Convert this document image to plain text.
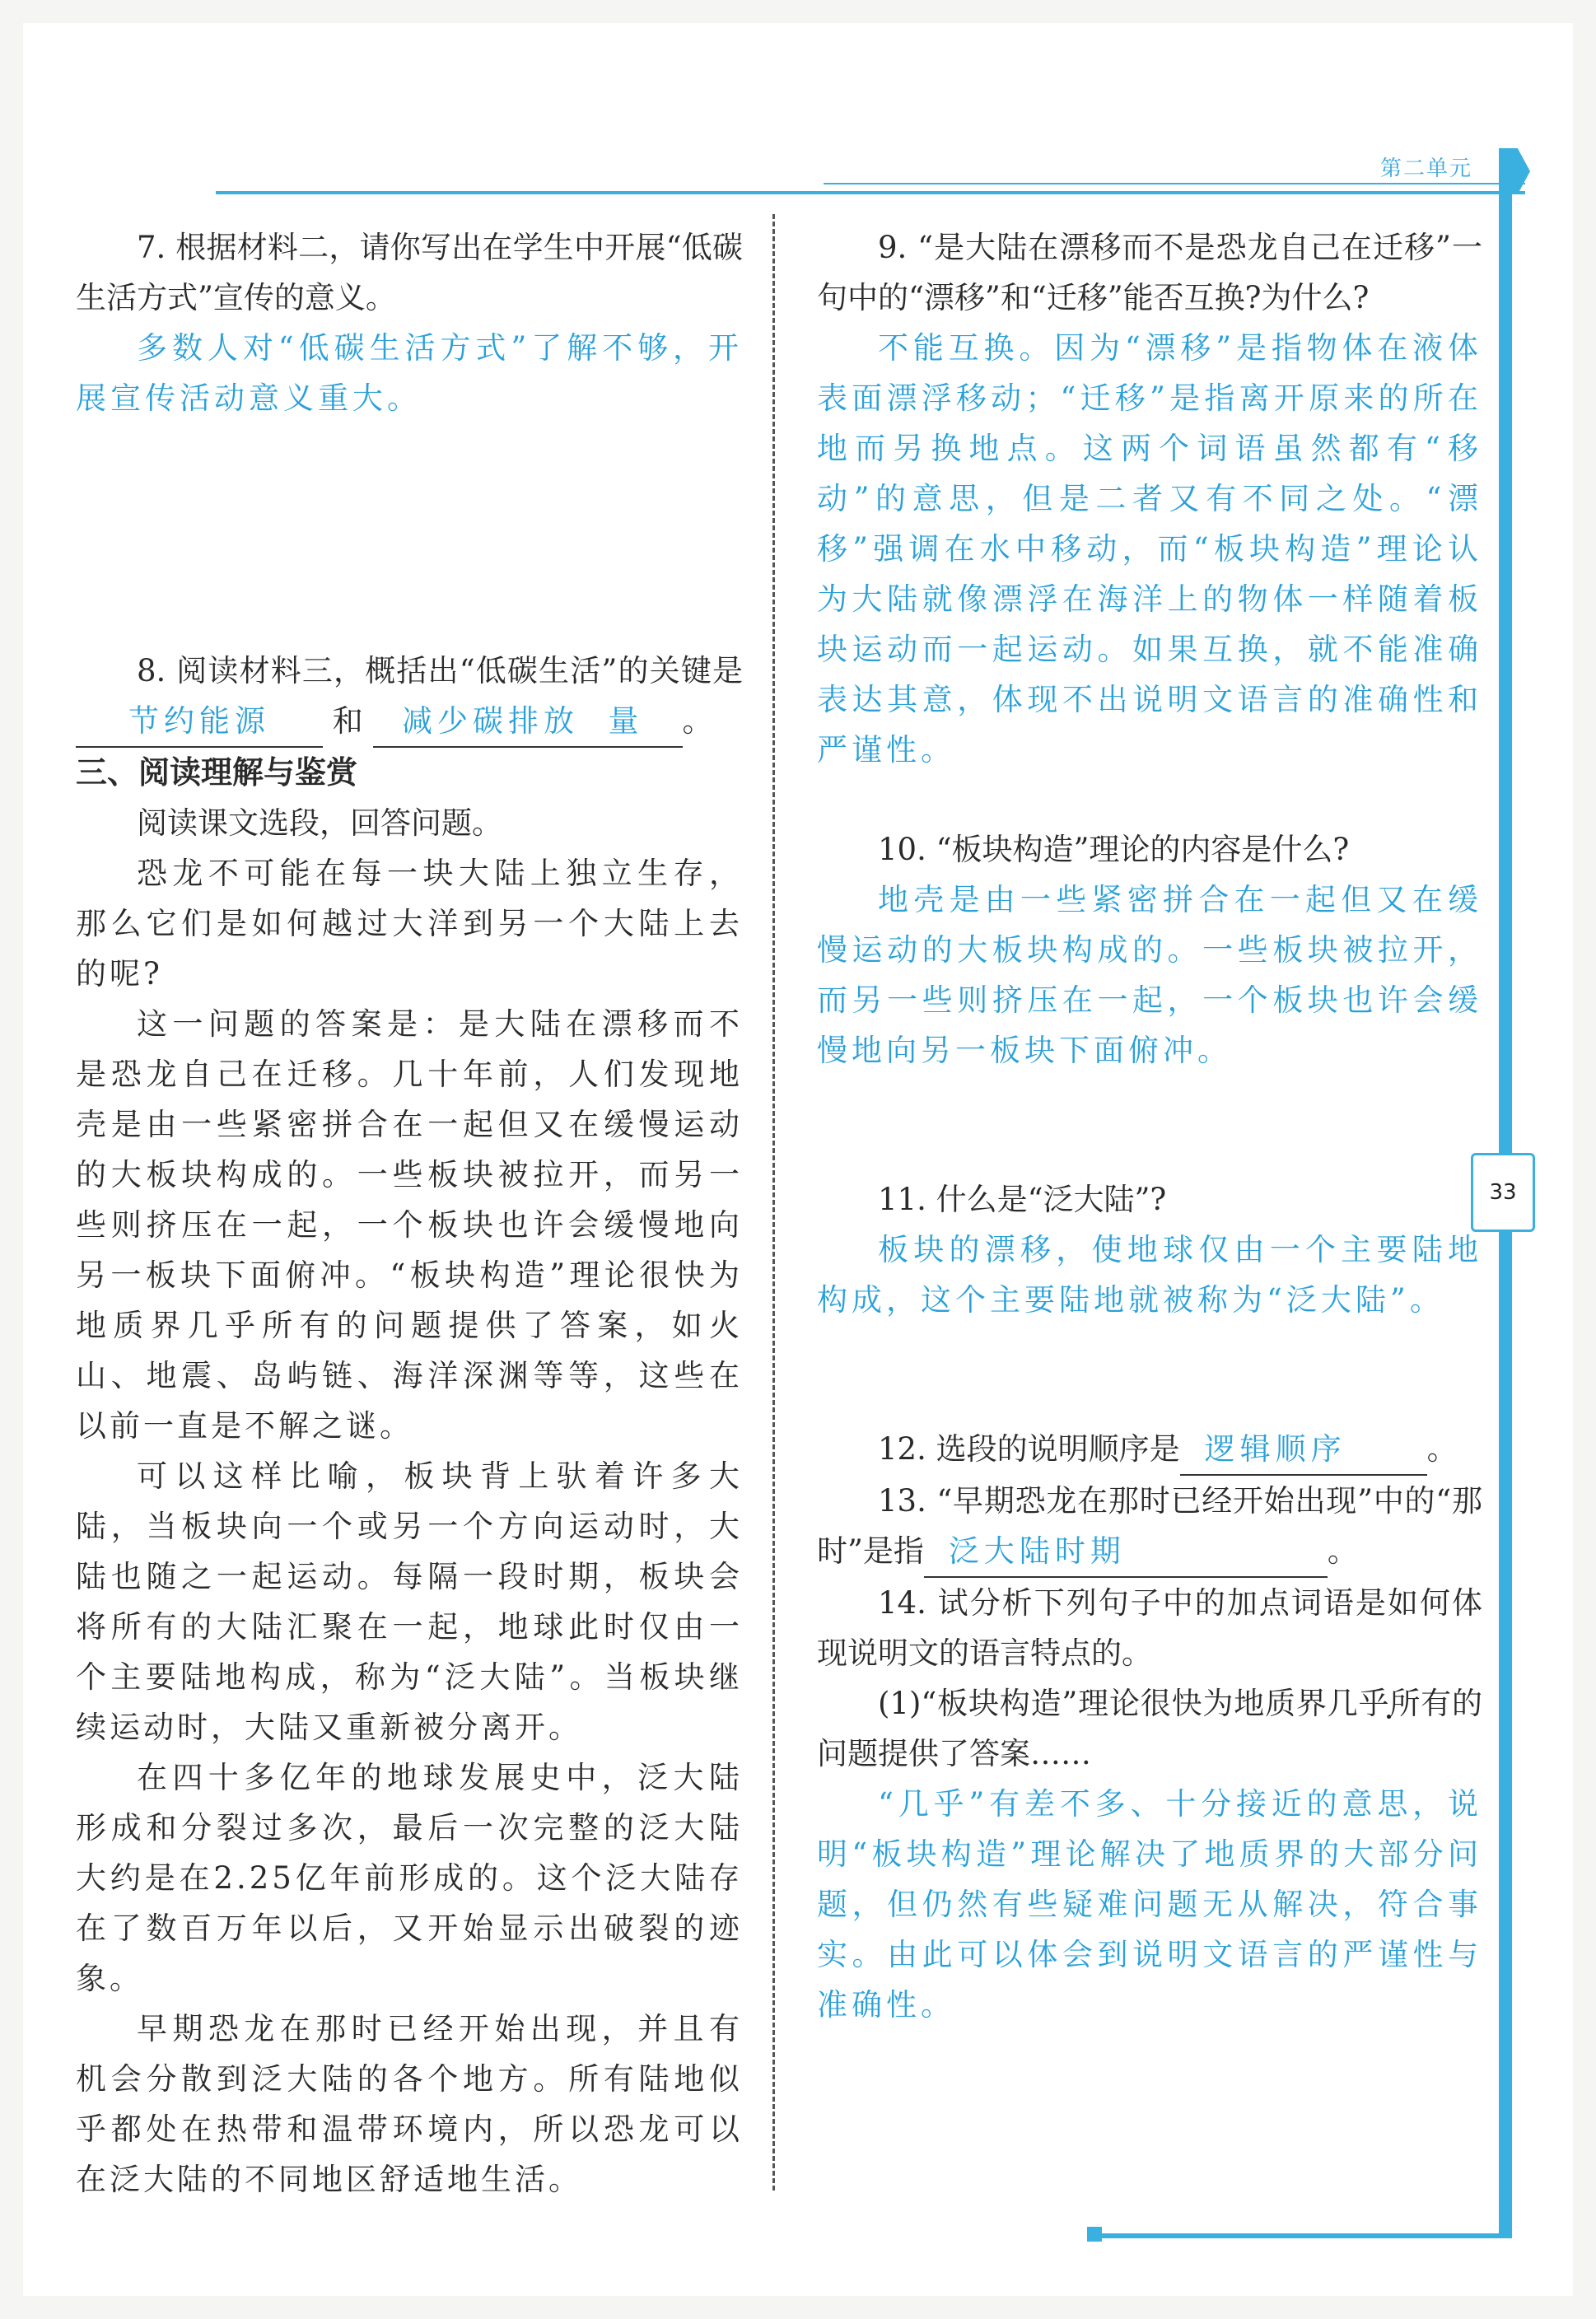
第二单元
33

7. 根据材料二，请你写出在学生中开展“低碳生活方式”宣传的意义。

多数人对“低碳生活方式”了解不够，开展宣传活动意义重大。

8. 阅读材料三，概括出“低碳生活”的关键是节约能源 和 减少碳排放 量 。

三、阅读理解与鉴赏

阅读课文选段，回答问题。

恐龙不可能在每一块大陆上独立生存，那么它们是如何越过大洋到另一个大陆上去的呢?

这一问题的答案是：是大陆在漂移而不是恐龙自己在迁移。几十年前，人们发现地壳是由一些紧密拼合在一起但又在缓慢运动的大板块构成的。一些板块被拉开，而另一些则挤压在一起，一个板块也许会缓慢地向另一板块下面俯冲。“板块构造”理论很快为地质界几乎所有的问题提供了答案，如火山、地震、岛屿链、海洋深渊等等，这些在以前一直是不解之谜。

可以这样比喻，板块背上驮着许多大陆，当板块向一个或另一个方向运动时，大陆也随之一起运动。每隔一段时期，板块会将所有的大陆汇聚在一起，地球此时仅由一个主要陆地构成，称为“泛大陆”。当板块继续运动时，大陆又重新被分离开。

在四十多亿年的地球发展史中，泛大陆形成和分裂过多次，最后一次完整的泛大陆大约是在2.25亿年前形成的。这个泛大陆存在了数百万年以后，又开始显示出破裂的迹象。

早期恐龙在那时已经开始出现，并且有机会分散到泛大陆的各个地方。所有陆地似乎都处在热带和温带环境内，所以恐龙可以在泛大陆的不同地区舒适地生活。

9. “是大陆在漂移而不是恐龙自己在迁移”一句中的“漂移”和“迁移”能否互换?为什么?

不能互换。因为“漂移”是指物体在液体表面漂浮移动；“迁移”是指离开原来的所在地而另换地点。这两个词语虽然都有“移动”的意思，但是二者又有不同之处。“漂移”强调在水中移动，而“板块构造”理论认为大陆就像漂浮在海洋上的物体一样随着板块运动而一起运动。如果互换，就不能准确表达其意，体现不出说明文语言的准确性和严谨性。

10. “板块构造”理论的内容是什么?

地壳是由一些紧密拼合在一起但又在缓慢运动的大板块构成的。一些板块被拉开，而另一些则挤压在一起，一个板块也许会缓慢地向另一板块下面俯冲。

11. 什么是“泛大陆”?

板块的漂移，使地球仅由一个主要陆地构成，这个主要陆地就被称为“泛大陆”。

12. 选段的说明顺序是 逻辑顺序	。

13. “早期恐龙在那时已经开始出现”中的“那时”是指 泛大陆时期	。

14. 试分析下列句子中的加点词语是如何体现说明文的语言特点的。

(1)“板块构造”理论很快为地质界几乎所有的问题提供了答案……

“几乎”有差不多、十分接近的意思，说明“板块构造”理论解决了地质界的大部分问题，但仍然有些疑难问题无从解决，符合事实。由此可以体会到说明文语言的严谨性与准确性。
